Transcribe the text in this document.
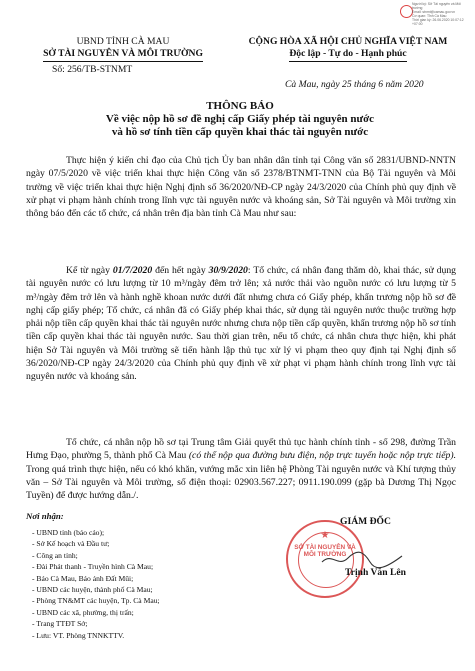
Người ký: Sở Tài nguyên và Môi trường
Email: stnmt@camau.gov.vn
Cơ quan: Tỉnh Cà Mau
Thời gian ký: 26.06.2020 10:07:12 +07:00
UBND TỈNH CÀ MAU
SỞ TÀI NGUYÊN VÀ MÔI TRƯỜNG
CỘNG HÒA XÃ HỘI CHỦ NGHĨA VIỆT NAM
Độc lập - Tự do - Hạnh phúc
Số: 256/TB-STNMT
Cà Mau, ngày 25 tháng 6 năm 2020
THÔNG BÁO
Về việc nộp hồ sơ đề nghị cấp Giấy phép tài nguyên nước
và hồ sơ tính tiền cấp quyền khai thác tài nguyên nước

Thực hiện ý kiến chỉ đạo của Chủ tịch Ủy ban nhân dân tỉnh tại Công văn số 2831/UBND-NNTN ngày 07/5/2020 về việc triển khai thực hiện Công văn số 2378/BTNMT-TNN của Bộ Tài nguyên và Môi trường về việc triển khai thực hiện Nghị định số 36/2020/NĐ-CP ngày 24/3/2020 của Chính phủ quy định về xử phạt vi phạm hành chính trong lĩnh vực tài nguyên nước và khoáng sản, Sở Tài nguyên và Môi trường xin thông báo đến các tổ chức, cá nhân trên địa bàn tỉnh Cà Mau như sau:

Kể từ ngày 01/7/2020 đến hết ngày 30/9/2020: Tổ chức, cá nhân đang thăm dò, khai thác, sử dụng tài nguyên nước có lưu lượng từ 10 m³/ngày đêm trở lên; xả nước thải vào nguồn nước có lưu lượng từ 5 m³/ngày đêm trở lên và hành nghề khoan nước dưới đất nhưng chưa có Giấy phép, khẩn trương nộp hồ sơ đề nghị cấp giấy phép; Tổ chức, cá nhân đã có Giấy phép khai thác, sử dụng tài nguyên nước thuộc trường hợp phải nộp tiền cấp quyền khai thác tài nguyên nước nhưng chưa nộp tiền cấp quyền, khẩn trương nộp hồ sơ tính tiền cấp quyền khai thác tài nguyên nước. Sau thời gian trên, nếu tổ chức, cá nhân chưa thực hiện, khi phát hiện Sở Tài nguyên và Môi trường sẽ tiến hành lập thủ tục xử lý vi phạm theo quy định tại Nghị định số 36/2020/NĐ-CP ngày 24/3/2020 của Chính phủ quy định về xử phạt vi phạm hành chính trong lĩnh vực tài nguyên nước và khoáng sản.

Tổ chức, cá nhân nộp hồ sơ tại Trung tâm Giải quyết thủ tục hành chính tỉnh - số 298, đường Trần Hưng Đạo, phường 5, thành phố Cà Mau (có thể nộp qua đường bưu điện, nộp trực tuyến hoặc nộp trực tiếp). Trong quá trình thực hiện, nếu có khó khăn, vướng mắc xin liên hệ Phòng Tài nguyên nước và Khí tượng thủy văn – Sở Tài nguyên và Môi trường, số điện thoại: 02903.567.227; 0911.190.099 (gặp bà Dương Thị Ngọc Tuyền) để được hướng dẫn./.

Nơi nhận:
- UBND tỉnh (báo cáo);
- Sở Kế hoạch và Đầu tư;
- Công an tỉnh;
- Đài Phát thanh - Truyền hình Cà Mau;
- Báo Cà Mau, Báo ảnh Đất Mũi;
- UBND các huyện, thành phố Cà Mau;
- Phòng TN&MT các huyện, Tp. Cà Mau;
- UBND các xã, phường, thị trấn;
- Trang TTĐT Sở;
- Lưu: VT. Phòng TNNKTTV.
GIÁM ĐỐC
★
SỞ TÀI NGUYÊN VÀ MÔI TRƯỜNG
Trịnh Văn Lên
